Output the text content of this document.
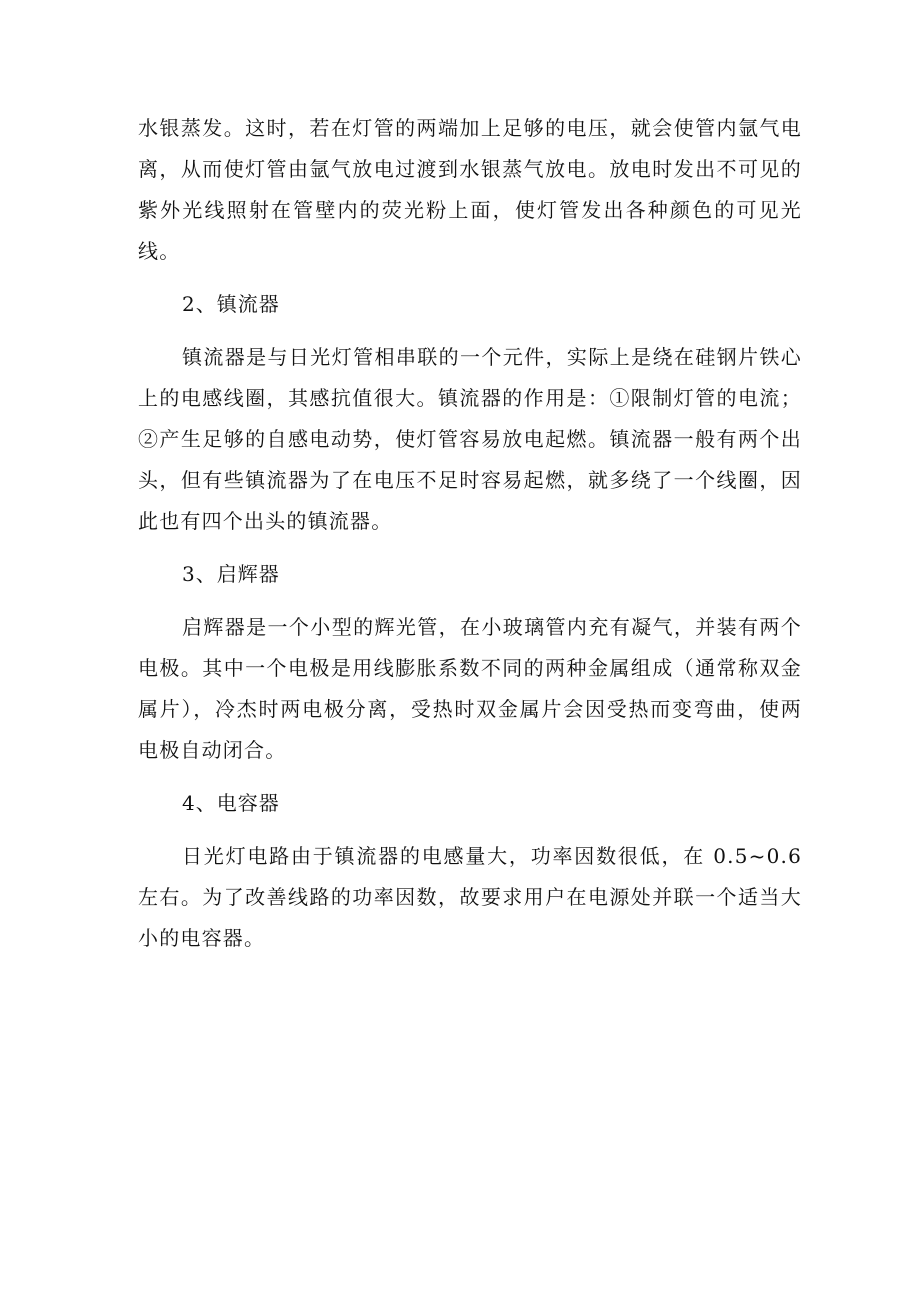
水银蒸发。这时，若在灯管的两端加上足够的电压，就会使管内氩气电离，从而使灯管由氩气放电过渡到水银蒸气放电。放电时发出不可见的紫外光线照射在管壁内的荧光粉上面，使灯管发出各种颜色的可见光线。

2、镇流器

镇流器是与日光灯管相串联的一个元件，实际上是绕在硅钢片铁心上的电感线圈，其感抗值很大。镇流器的作用是：①限制灯管的电流；②产生足够的自感电动势，使灯管容易放电起燃。镇流器一般有两个出头，但有些镇流器为了在电压不足时容易起燃，就多绕了一个线圈，因此也有四个出头的镇流器。

3、启辉器

启辉器是一个小型的辉光管，在小玻璃管内充有凝气，并装有两个电极。其中一个电极是用线膨胀系数不同的两种金属组成（通常称双金属片），冷杰时两电极分离，受热时双金属片会因受热而变弯曲，使两电极自动闭合。

4、电容器

日光灯电路由于镇流器的电感量大，功率因数很低，在 0.5~0.6 左右。为了改善线路的功率因数，故要求用户在电源处并联一个适当大小的电容器。
